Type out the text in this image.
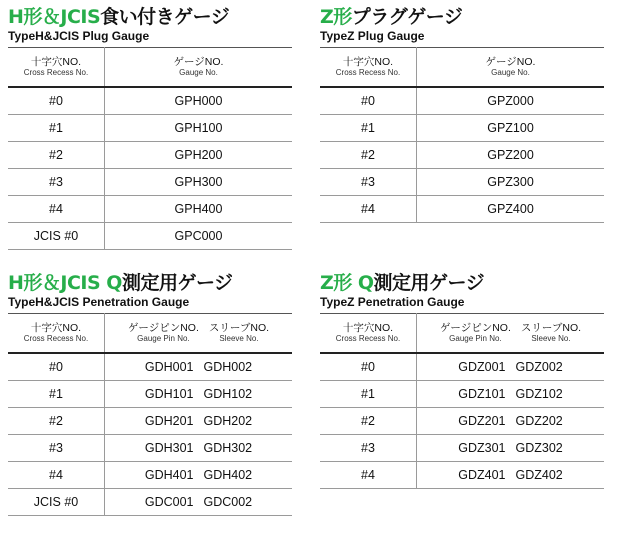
H形＆JCIS食い付きゲージ
TypeH&JCIS Plug Gauge
十字穴NO.
Cross Recess No.	ゲージNO.
Gauge No.

#0	GPH000
#1	GPH100
#2	GPH200
#3	GPH300
#4	GPH400
JCIS #0	GPC000
Z形プラグゲージ
TypeZ Plug Gauge
十字穴NO.
Cross Recess No.	ゲージNO.
Gauge No.

#0	GPZ000
#1	GPZ100
#2	GPZ200
#3	GPZ300
#4	GPZ400
H形＆JCIS Q測定用ゲージ
TypeH&JCIS Penetration Gauge
十字穴NO.
Cross Recess No.	ゲージピンNO.
Gauge Pin No.
スリーブNO.
Sleeve No.

#0	GDH001 GDH002

#1	GDH101 GDH102

#2	GDH201 GDH202

#3	GDH301 GDH302

#4	GDH401 GDH402

JCIS #0	GDC001 GDC002
Z形 Q測定用ゲージ
TypeZ Penetration Gauge
十字穴NO.
Cross Recess No.	ゲージピンNO.
Gauge Pin No.
スリーブNO.
Sleeve No.

#0	GDZ001 GDZ002

#1	GDZ101 GDZ102

#2	GDZ201 GDZ202

#3	GDZ301 GDZ302

#4	GDZ401 GDZ402
